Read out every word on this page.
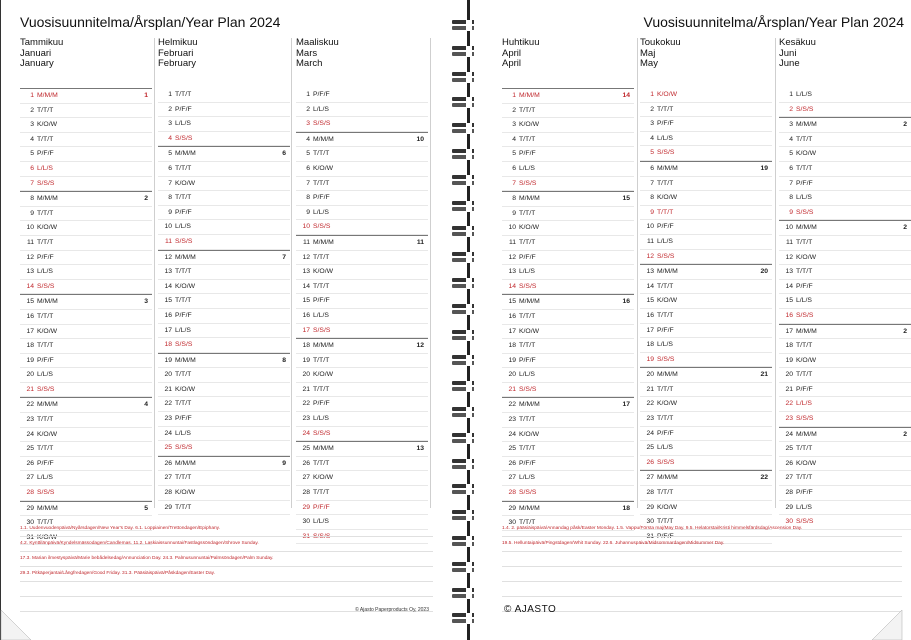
Vuosisuunnitelma/Årsplan/Year Plan 2024
Tammikuu
Januari
January
1 M/M/M	1
2 T/T/T
3 K/O/W
4 T/T/T
5 P/F/F
6 L/L/S
7 S/S/S
8 M/M/M	2
9 T/T/T
10 K/O/W
11 T/T/T
12 P/F/F
13 L/L/S
14 S/S/S
15 M/M/M	3
16 T/T/T
17 K/O/W
18 T/T/T
19 P/F/F
20 L/L/S
21 S/S/S
22 M/M/M	4
23 T/T/T
24 K/O/W
25 T/T/T
26 P/F/F
27 L/L/S
28 S/S/S
29 M/M/M	5
30 T/T/T
31 K/O/W
Helmikuu
Februari
February
1 T/T/T
2 P/F/F
3 L/L/S
4 S/S/S
5 M/M/M	6
6 T/T/T
7 K/O/W
8 T/T/T
9 P/F/F
10 L/L/S
11 S/S/S
12 M/M/M	7
13 T/T/T
14 K/O/W
15 T/T/T
16 P/F/F
17 L/L/S
18 S/S/S
19 M/M/M	8
20 T/T/T
21 K/O/W
22 T/T/T
23 P/F/F
24 L/L/S
25 S/S/S
26 M/M/M	9
27 T/T/T
28 K/O/W
29 T/T/T
Maaliskuu
Mars
March
1 P/F/F
2 L/L/S
3 S/S/S
4 M/M/M	10
5 T/T/T
6 K/O/W
7 T/T/T
8 P/F/F
9 L/L/S
10 S/S/S
11 M/M/M	11
12 T/T/T
13 K/O/W
14 T/T/T
15 P/F/F
16 L/L/S
17 S/S/S
18 M/M/M	12
19 T/T/T
20 K/O/W
21 T/T/T
22 P/F/F
23 L/L/S
24 S/S/S
25 M/M/M	13
26 T/T/T
27 K/O/W
28 T/T/T
29 P/F/F
30 L/L/S
31 S/S/S
1.1. Uudenvuodenpäivä/Nyårsdagen/New Year's Day. 6.1. Loppiainen/Trettondagen/Epiphany.
4.2. Kynttilänpäivä/Kyndelsmässodagen/Candlemas. 11.2. Laskiaissunnuntai/Fastlagssöndagen/Shrove Sunday.
17.3. Marian ilmestyspäivä/Marie bebådelsedag/Annunciation Day. 24.3. Palmusunnuntai/Palmsöndagen/Palm Sunday.
29.3. Pitkäperjantai/Långfredagen/Good Friday. 31.3. Pääsiäispäivä/Påskdagen/Easter Day.
© Ajasto Paperproducts Oy, 2023
Vuosisuunnitelma/Årsplan/Year Plan 2024
Huhtikuu
April
April
1 M/M/M	14
2 T/T/T
3 K/O/W
4 T/T/T
5 P/F/F
6 L/L/S
7 S/S/S
8 M/M/M	15
9 T/T/T
10 K/O/W
11 T/T/T
12 P/F/F
13 L/L/S
14 S/S/S
15 M/M/M	16
16 T/T/T
17 K/O/W
18 T/T/T
19 P/F/F
20 L/L/S
21 S/S/S
22 M/M/M	17
23 T/T/T
24 K/O/W
25 T/T/T
26 P/F/F
27 L/L/S
28 S/S/S
29 M/M/M	18
30 T/T/T
Toukokuu
Maj
May
1 K/O/W
2 T/T/T
3 P/F/F
4 L/L/S
5 S/S/S
6 M/M/M	19
7 T/T/T
8 K/O/W
9 T/T/T
10 P/F/F
11 L/L/S
12 S/S/S
13 M/M/M	20
14 T/T/T
15 K/O/W
16 T/T/T
17 P/F/F
18 L/L/S
19 S/S/S
20 M/M/M	21
21 T/T/T
22 K/O/W
23 T/T/T
24 P/F/F
25 L/L/S
26 S/S/S
27 M/M/M	22
28 T/T/T
29 K/O/W
30 T/T/T
31 P/F/F
Kesäkuu
Juni
June
1 L/L/S
2 S/S/S
3 M/M/M	2
4 T/T/T
5 K/O/W
6 T/T/T
7 P/F/F
8 L/L/S
9 S/S/S
10 M/M/M	2
11 T/T/T
12 K/O/W
13 T/T/T
14 P/F/F
15 L/L/S
16 S/S/S
17 M/M/M	2
18 T/T/T
19 K/O/W
20 T/T/T
21 P/F/F
22 L/L/S
23 S/S/S
24 M/M/M	2
25 T/T/T
26 K/O/W
27 T/T/T
28 P/F/F
29 L/L/S
30 S/S/S
1.4. 2. pääsiäispäivä/Annandag påsk/Easter Monday. 1.5. Vappu/Första maj/May Day. 9.5. Helatorstai/Kristi himmelsfärdsdag/Ascension Day.
19.5. Helluntaipäivä/Pingstdagen/Whit Sunday. 22.6. Juhannuspäivä/Midsommardagen/Midsummer Day.
© AJASTO
